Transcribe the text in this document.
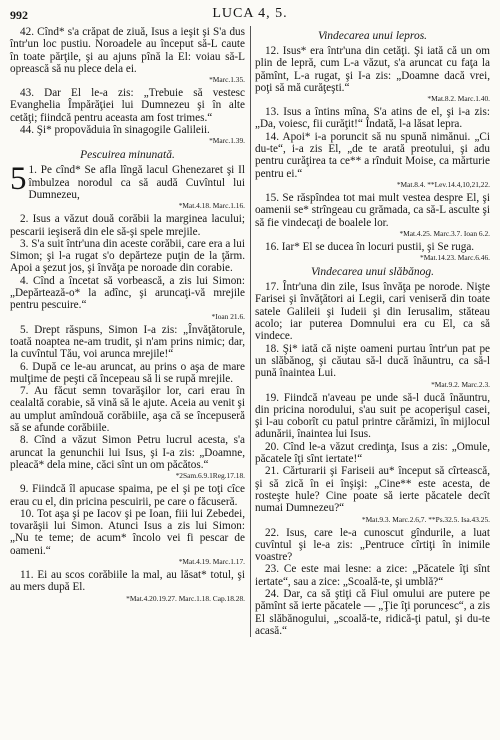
992	LUCA 4, 5.

42. Cînd* s'a crăpat de ziuă, Isus a ieşit şi S'a dus într'un loc pustiu. Noroadele au început să-L caute în toate părţile, şi au ajuns pînă la El: voiau să-L oprească să nu plece dela ei.

*Marc.1.35.

43. Dar El le-a zis: „Trebuie să vestesc Evanghelia Împărăţiei lui Dumnezeu şi în alte cetăţi; fiindcă pentru aceasta am fost trimes.“

44. Şi* propovăduia în sinagogile Galileii.

*Marc.1.39.

Pescuirea minunată.
5 1. Pe cînd* Se afla lîngă lacul Ghenezaret şi Il îmbulzea norodul ca să audă Cuvîntul lui Dumnezeu,

*Mat.4.18. Marc.1.16.

2. Isus a văzut două corăbii la marginea lacului; pescarii ieşiseră din ele să-şi spele mrejile.

3. S'a suit într'una din aceste corăbii, care era a lui Simon; şi l-a rugat s'o depărteze puţin de la ţărm. Apoi a şezut jos, şi învăţa pe noroade din corabie.

4. Cînd a încetat să vorbească, a zis lui Simon: „Depărtează-o* la adînc, şi aruncaţi-vă mrejile pentru pescuire.“

*Ioan 21.6.

5. Drept răspuns, Simon I-a zis: „Învăţătorule, toată noaptea ne-am trudit, şi n'am prins nimic; dar, la cuvîntul Tău, voi arunca mrejile!“

6. După ce le-au aruncat, au prins o aşa de mare mulţime de peşti că începeau să li se rupă mrejile.

7. Au făcut semn tovarăşilor lor, cari erau în cealaltă corabie, să vină să le ajute. Aceia au venit şi au umplut amîndouă corăbiile, aşa că se începuseră să se afunde corăbiile.

8. Cînd a văzut Simon Petru lucrul acesta, s'a aruncat la genunchii lui Isus, şi I-a zis: „Doamne, pleacă* dela mine, căci sînt un om păcătos.“

*2Sam.6.9.1Reg.17.18.

9. Fiindcă îl apucase spaima, pe el şi pe toţi cîce erau cu el, din pricina pescuirii, pe care o făcuseră.

10. Tot aşa şi pe Iacov şi pe Ioan, fiii lui Zebedei, tovarăşii lui Simon. Atunci Isus a zis lui Simon: „Nu te teme; de acum* încolo vei fi pescar de oameni.“

*Mat.4.19. Marc.1.17.

11. Ei au scos corăbiile la mal, au lăsat* totul, şi au mers după El.

*Mat.4.20.19.27. Marc.1.18. Cap.18.28.

Vindecarea unui lepros.

12. Isus* era într'una din cetăţi. Şi iată că un om plin de lepră, cum L-a văzut, s'a aruncat cu faţa la pămînt, L-a rugat, şi I-a zis: „Doamne dacă vrei, poţi să mă curăţeşti.“

*Mat.8.2. Marc.1.40.

13. Isus a întins mîna, S'a atins de el, şi i-a zis: „Da, voiesc, fii curăţit!“ Îndată, l-a lăsat lepra.

14. Apoi* i-a poruncit să nu spună nimănui. „Ci du-te“, i-a zis El, „de te arată preotului, şi adu pentru curăţirea ta ce** a rînduit Moise, ca mărturie pentru ei.“

*Mat.8.4. **Lev.14.4,10,21,22.

15. Se răspîndea tot mai mult vestea despre El, şi oamenii se* strîngeau cu grămada, ca să-L asculte şi să fie vindecaţi de boalele lor.

*Mat.4.25. Marc.3.7. Ioan 6.2.

16. Iar* El se ducea în locuri pustii, şi Se ruga.

*Mat.14.23. Marc.6.46.

Vindecarea unui slăbănog.

17. Într'una din zile, Isus învăţa pe norode. Nişte Farisei şi învăţători ai Legii, cari veniseră din toate satele Galileii şi Iudeii şi din Ierusalim, stăteau acolo; iar puterea Domnului era cu El, ca să vindece.

18. Şi* iată că nişte oameni purtau într'un pat pe un slăbănog, şi căutau să-l ducă înăuntru, ca să-l pună înaintea Lui.

*Mat.9.2. Marc.2.3.

19. Fiindcă n'aveau pe unde să-l ducă înăuntru, din pricina norodului, s'au suit pe acoperişul casei, şi l-au coborît cu patul printre cărămizi, în mijlocul adunării, înaintea lui Isus.

20. Cînd le-a văzut credinţa, Isus a zis: „Omule, păcatele îţi sînt iertate!“

21. Cărturarii şi Fariseii au* început să cîrtească, şi să zică în ei înşişi: „Cine** este acesta, de rosteşte hule? Cine poate să ierte păcatele decît numai Dumnezeu?“

*Mat.9.3. Marc.2.6,7. **Ps.32.5. Isa.43.25.

22. Isus, care le-a cunoscut gîndurile, a luat cuvîntul şi le-a zis: „Pentruce cîrtiţi în inimile voastre?

23. Ce este mai lesne: a zice: „Păcatele îţi sînt iertate“, sau a zice: „Scoală-te, şi umblă?“

24. Dar, ca să ştiţi că Fiul omului are putere pe pămînt să ierte păcatele — „Ţie îţi poruncesc“, a zis El slăbănogului, „scoală-te, ridică-ţi patul, şi du-te acasă.“
